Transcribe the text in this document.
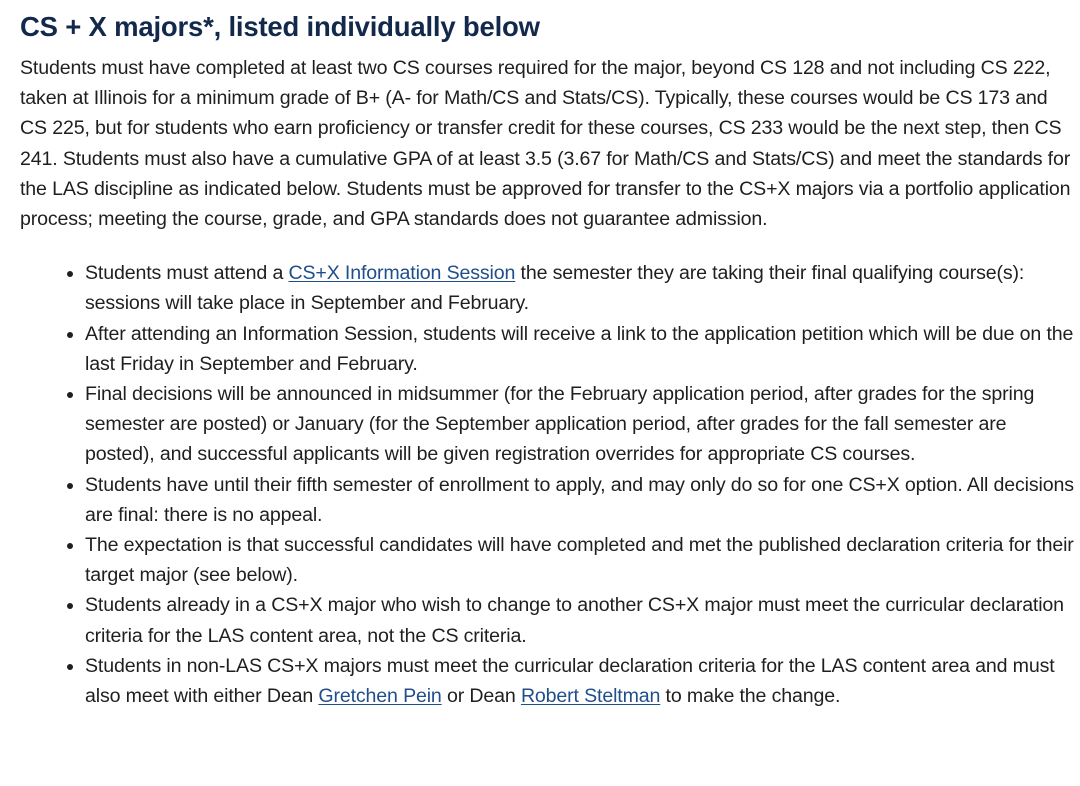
CS + X majors*, listed individually below

Students must have completed at least two CS courses required for the major, beyond CS 128 and not including CS 222, taken at Illinois for a minimum grade of B+ (A- for Math/CS and Stats/CS). Typically, these courses would be CS 173 and CS 225, but for students who earn proficiency or transfer credit for these courses, CS 233 would be the next step, then CS 241. Students must also have a cumulative GPA of at least 3.5 (3.67 for Math/CS and Stats/CS) and meet the standards for the LAS discipline as indicated below. Students must be approved for transfer to the CS+X majors via a portfolio application process; meeting the course, grade, and GPA standards does not guarantee admission.

• Students must attend a CS+X Information Session the semester they are taking their final qualifying course(s): sessions will take place in September and February.
• After attending an Information Session, students will receive a link to the application petition which will be due on the last Friday in September and February.
• Final decisions will be announced in midsummer (for the February application period, after grades for the spring semester are posted) or January (for the September application period, after grades for the fall semester are posted), and successful applicants will be given registration overrides for appropriate CS courses.
• Students have until their fifth semester of enrollment to apply, and may only do so for one CS+X option. All decisions are final: there is no appeal.
• The expectation is that successful candidates will have completed and met the published declaration criteria for their target major (see below).
• Students already in a CS+X major who wish to change to another CS+X major must meet the curricular declaration criteria for the LAS content area, not the CS criteria.
• Students in non-LAS CS+X majors must meet the curricular declaration criteria for the LAS content area and must also meet with either Dean Gretchen Pein or Dean Robert Steltman to make the change.
